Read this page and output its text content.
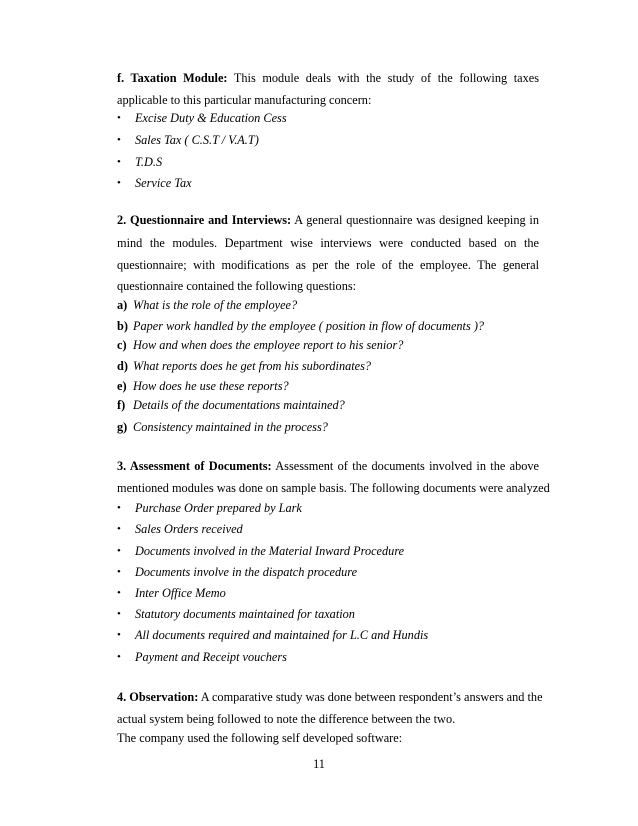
f. Taxation Module: This module deals with the study of the following taxes
applicable to this particular manufacturing concern:
• Excise Duty & Education Cess
• Sales Tax ( C.S.T / V.A.T)
• T.D.S
• Service Tax
2. Questionnaire and Interviews: A general questionnaire was designed keeping in
mind the modules. Department wise interviews were conducted based on the
questionnaire; with modifications as per the role of the employee. The general
questionnaire contained the following questions:
a) What is the role of the employee?
b) Paper work handled by the employee ( position in flow of documents )?
c) How and when does the employee report to his senior?
d) What reports does he get from his subordinates?
e) How does he use these reports?
f) Details of the documentations maintained?
g) Consistency maintained in the process?
3. Assessment of Documents: Assessment of the documents involved in the above
mentioned modules was done on sample basis. The following documents were analyzed
• Purchase Order prepared by Lark
• Sales Orders received
• Documents involved in the Material Inward Procedure
• Documents involve in the dispatch procedure
• Inter Office Memo
• Statutory documents maintained for taxation
• All documents required and maintained for L.C and Hundis
• Payment and Receipt vouchers
4. Observation: A comparative study was done between respondent’s answers and the
actual system being followed to note the difference between the two.
The company used the following self developed software:
11
